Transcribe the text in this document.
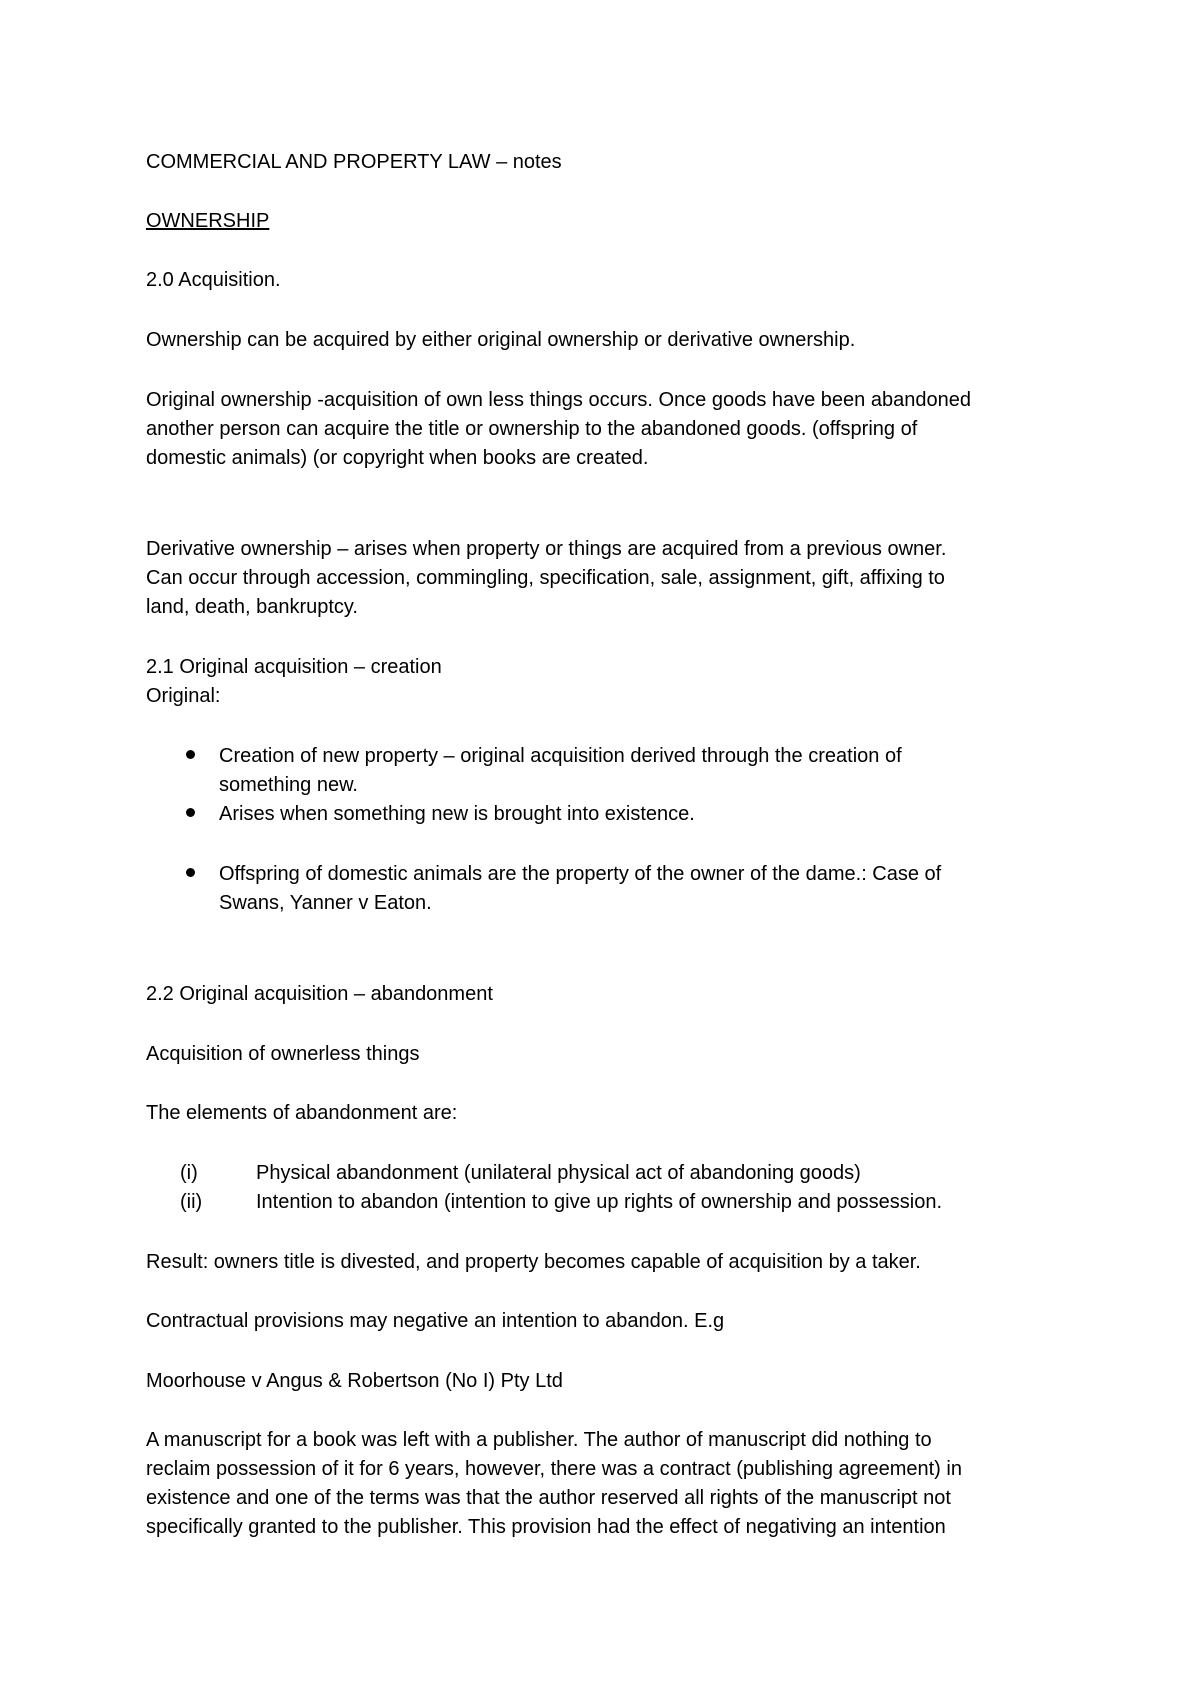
COMMERCIAL AND PROPERTY LAW – notes
OWNERSHIP
2.0 Acquisition.
Ownership can be acquired by either original ownership or derivative ownership.
Original ownership -acquisition of own less things occurs. Once goods have been abandoned
another person can acquire the title or ownership to the abandoned goods. (offspring of
domestic animals) (or copyright when books are created.
Derivative ownership – arises when property or things are acquired from a previous owner.
Can occur through accession, commingling, specification, sale, assignment, gift, affixing to
land, death, bankruptcy.
2.1 Original acquisition – creation
Original:
Creation of new property – original acquisition derived through the creation of
something new.
Arises when something new is brought into existence.
Offspring of domestic animals are the property of the owner of the dame.: Case of
Swans, Yanner v Eaton.
2.2 Original acquisition – abandonment
Acquisition of ownerless things
The elements of abandonment are:
(i)	Physical abandonment (unilateral physical act of abandoning goods)
(ii)	Intention to abandon (intention to give up rights of ownership and possession.
Result: owners title is divested, and property becomes capable of acquisition by a taker.
Contractual provisions may negative an intention to abandon. E.g
Moorhouse v Angus & Robertson (No I) Pty Ltd
A manuscript for a book was left with a publisher. The author of manuscript did nothing to
reclaim possession of it for 6 years, however, there was a contract (publishing agreement) in
existence and one of the terms was that the author reserved all rights of the manuscript not
specifically granted to the publisher. This provision had the effect of negativing an intention
